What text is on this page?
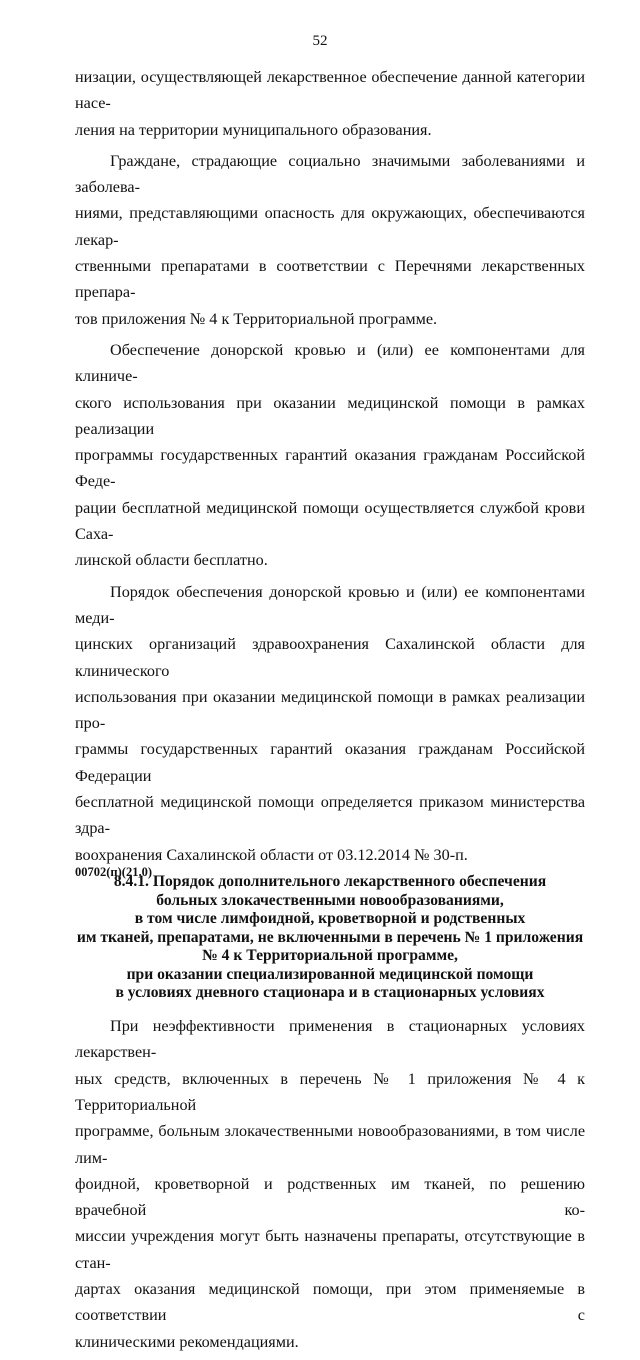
52

низации, осуществляющей лекарственное обеспечение данной категории насе-
ления на территории муниципального образования.

Граждане, страдающие социально значимыми заболеваниями и заболева-
ниями, представляющими опасность для окружающих, обеспечиваются лекар-
ственными препаратами в соответствии с Перечнями лекарственных препара-
тов приложения № 4 к Территориальной программе.

Обеспечение донорской кровью и (или) ее компонентами для клиниче-
ского использования при оказании медицинской помощи в рамках реализации
программы государственных гарантий оказания гражданам Российской Феде-
рации бесплатной медицинской помощи осуществляется службой крови Саха-
линской области бесплатно.

Порядок обеспечения донорской кровью и (или) ее компонентами меди-
цинских организаций здравоохранения Сахалинской области для клинического
использования при оказании медицинской помощи в рамках реализации про-
граммы государственных гарантий оказания гражданам Российской Федерации
бесплатной медицинской помощи определяется приказом министерства здра-
воохранения Сахалинской области от 03.12.2014 № 30-п.

8.4.1. Порядок дополнительного лекарственного обеспечения
больных злокачественными новообразованиями,
в том числе лимфоидной, кроветворной и родственных
им тканей, препаратами, не включенными в перечень № 1 приложения
№ 4 к Территориальной программе,
при оказании специализированной медицинской помощи
в условиях дневного стационара и в стационарных условиях

При неэффективности применения в стационарных условиях лекарствен-
ных средств, включенных в перечень № 1 приложения № 4 к Территориальной
программе, больным злокачественными новообразованиями, в том числе лим-
фоидной, кроветворной и родственных им тканей, по решению врачебной ко-
миссии учреждения могут быть назначены препараты, отсутствующие в стан-
дартах оказания медицинской помощи, при этом применяемые в соответствии с
клиническими рекомендациями.

00702(п)(21.0)
